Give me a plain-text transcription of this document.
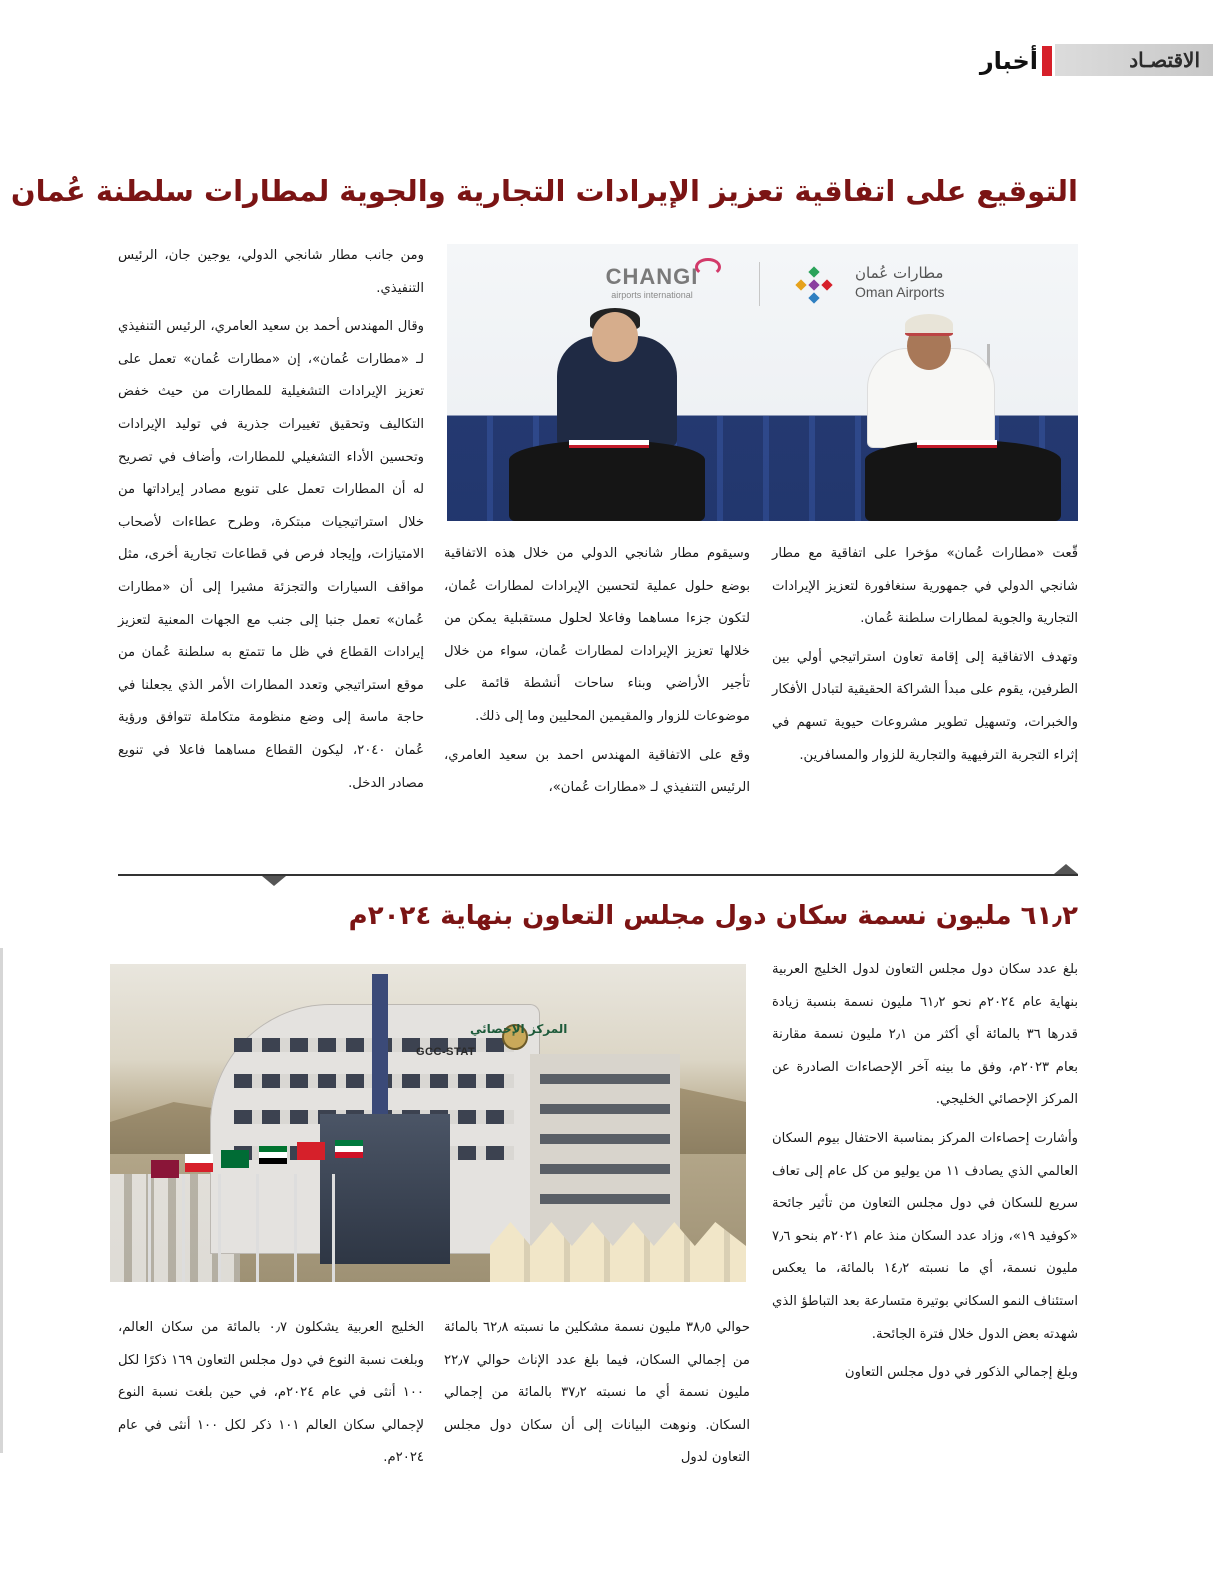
الاقتصـاد
أخبار
التوقيع على اتفاقية تعزيز الإيرادات التجارية والجوية لمطارات سلطنة عُمان
CHANGI
airports international
مطارات عُمان
Oman Airports

قّعت «مطارات عُمان» مؤخرا على اتفاقية مع مطار شانجي الدولي في جمهورية سنغافورة لتعزيز الإيرادات التجارية والجوية لمطارات سلطنة عُمان.

وتهدف الاتفاقية إلى إقامة تعاون استراتيجي أولي بين الطرفين، يقوم على مبدأ الشراكة الحقيقية لتبادل الأفكار والخبرات، وتسهيل تطوير مشروعات حيوية تسهم في إثراء التجربة الترفيهية والتجارية للزوار والمسافرين.

وسيقوم مطار شانجي الدولي من خلال هذه الاتفاقية بوضع حلول عملية لتحسين الإيرادات لمطارات عُمان، لتكون جزءا مساهما وفاعلا لحلول مستقبلية يمكن من خلالها تعزيز الإيرادات لمطارات عُمان، سواء من خلال تأجير الأراضي وبناء ساحات أنشطة قائمة على موضوعات للزوار والمقيمين المحليين وما إلى ذلك.

وقع على الاتفاقية المهندس احمد بن سعيد العامري، الرئيس التنفيذي لـ «مطارات عُمان»،

ومن جانب مطار شانجي الدولي، يوجين جان، الرئيس التنفيذي.

وقال المهندس أحمد بن سعيد العامري، الرئيس التنفيذي لـ «مطارات عُمان»، إن «مطارات عُمان» تعمل على تعزيز الإيرادات التشغيلية للمطارات من حيث خفض التكاليف وتحقيق تغييرات جذرية في توليد الإيرادات وتحسين الأداء التشغيلي للمطارات، وأضاف في تصريح له أن المطارات تعمل على تنويع مصادر إيراداتها من خلال استراتيجيات مبتكرة، وطرح عطاءات لأصحاب الامتيازات، وإيجاد فرص في قطاعات تجارية أخرى، مثل مواقف السيارات والتجزئة مشيرا إلى أن «مطارات عُمان» تعمل جنبا إلى جنب مع الجهات المعنية لتعزيز إيرادات القطاع في ظل ما تتمتع به سلطنة عُمان من موقع استراتيجي وتعدد المطارات الأمر الذي يجعلنا في حاجة ماسة إلى وضع منظومة متكاملة تتوافق ورؤية عُمان ٢٠٤٠، ليكون القطاع مساهما فاعلا في تنويع مصادر الدخل.

٦١٫٢ مليون نسمة سكان دول مجلس التعاون بنهاية ٢٠٢٤م
المركز الإحصائي
GCC-STAT

بلغ عدد سكان دول مجلس التعاون لدول الخليج العربية بنهاية عام ٢٠٢٤م نحو ٦١٫٢ مليون نسمة بنسبة زيادة قدرها ٣٦ بالمائة أي أكثر من ٢٫١ مليون نسمة مقارنة بعام ٢٠٢٣م، وفق ما بينه آخر الإحصاءات الصادرة عن المركز الإحصائي الخليجي.

وأشارت إحصاءات المركز بمناسبة الاحتفال بيوم السكان العالمي الذي يصادف ١١ من يوليو من كل عام إلى تعاف سريع للسكان في دول مجلس التعاون من تأثير جائحة «كوفيد ١٩»، وزاد عدد السكان منذ عام ٢٠٢١م بنحو ٧٫٦ مليون نسمة، أي ما نسبته ١٤٫٢ بالمائة، ما يعكس استئناف النمو السكاني بوتيرة متسارعة بعد التباطؤ الذي شهدته بعض الدول خلال فترة الجائحة.

وبلغ إجمالي الذكور في دول مجلس التعاون

حوالي ٣٨٫٥ مليون نسمة مشكلين ما نسبته ٦٢٫٨ بالمائة من إجمالي السكان، فيما بلغ عدد الإناث حوالي ٢٢٫٧ مليون نسمة أي ما نسبته ٣٧٫٢ بالمائة من إجمالي السكان. ونوهت البيانات إلى أن سكان دول مجلس التعاون لدول

الخليج العربية يشكلون ٠٫٧ بالمائة من سكان العالم، وبلغت نسبة النوع في دول مجلس التعاون ١٦٩ ذكرًا لكل ١٠٠ أنثى في عام ٢٠٢٤م، في حين بلغت نسبة النوع لإجمالي سكان العالم ١٠١ ذكر لكل ١٠٠ أنثى في عام ٢٠٢٤م.
